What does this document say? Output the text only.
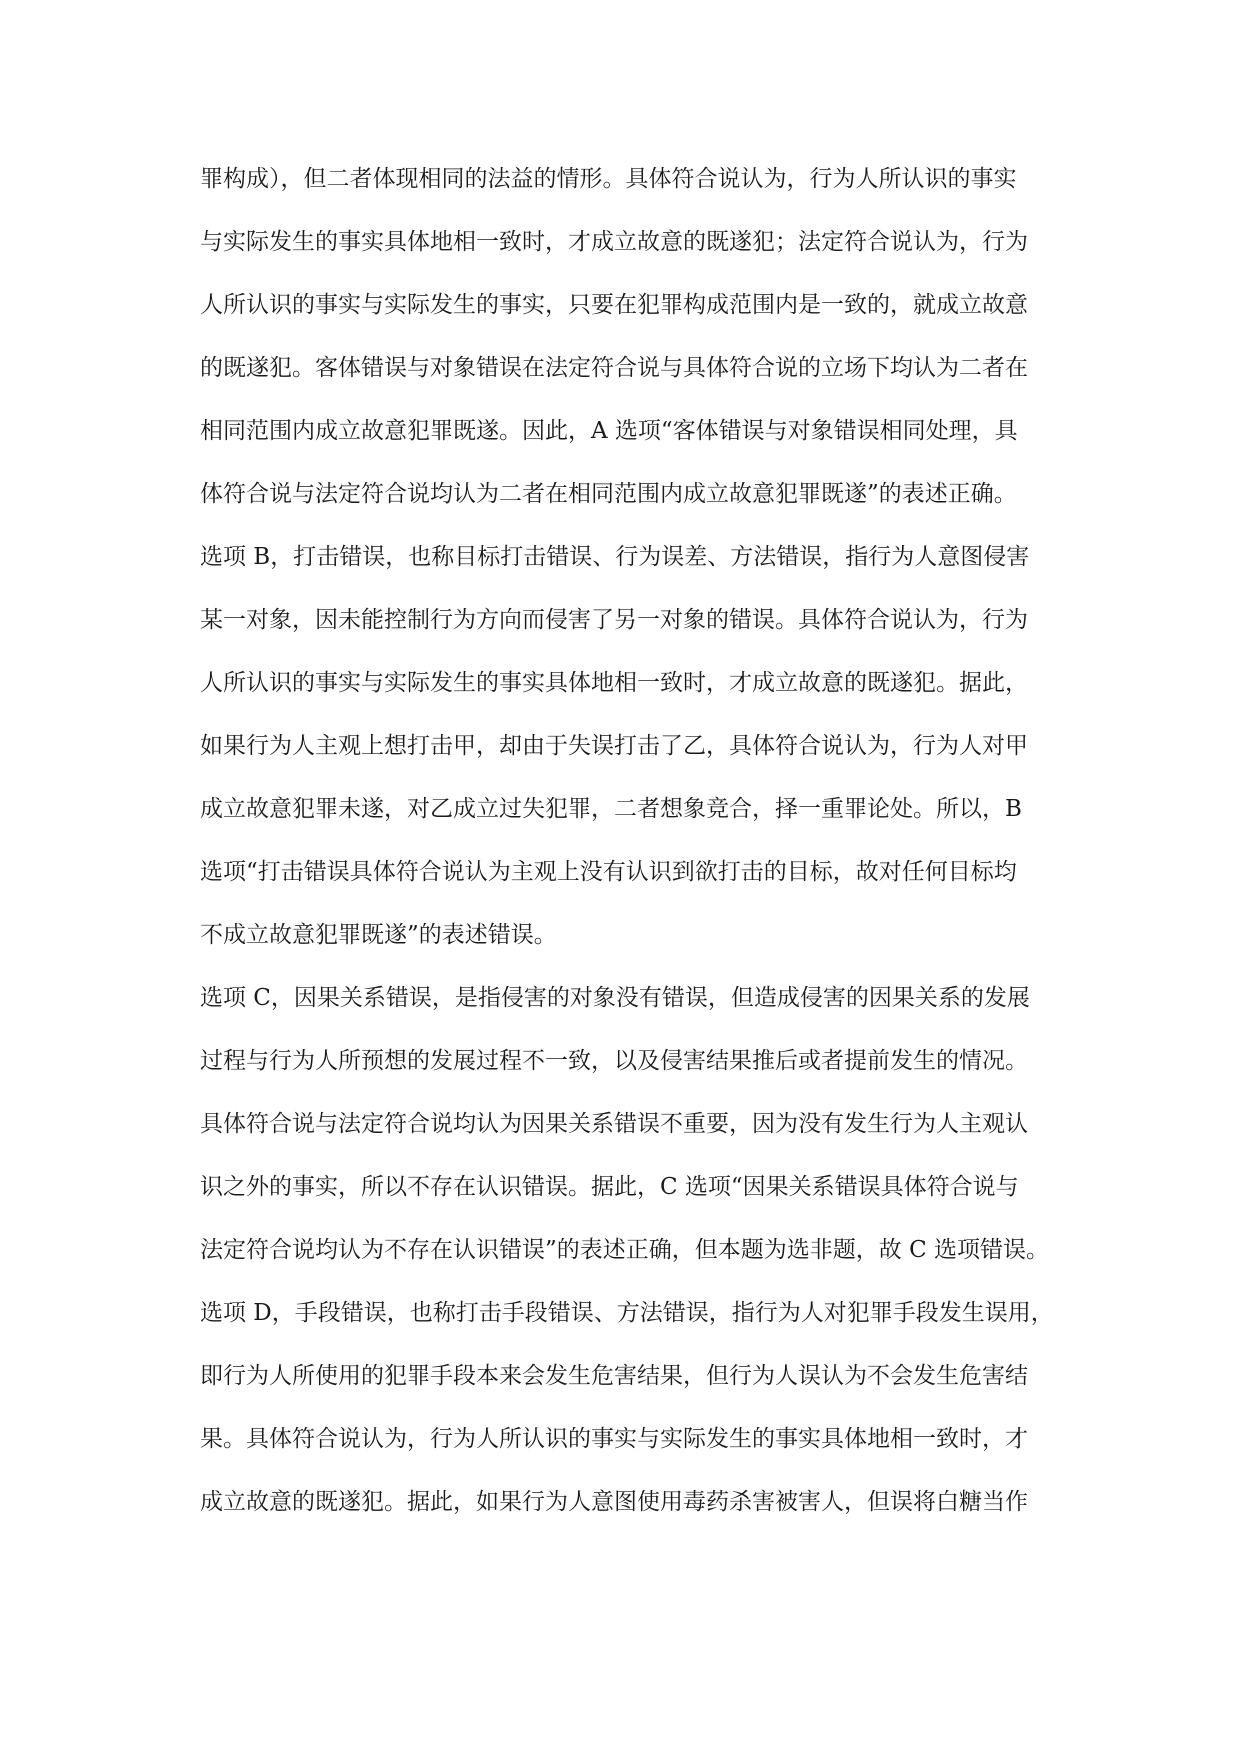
罪构成），但二者体现相同的法益的情形。具体符合说认为，行为人所认识的事实
与实际发生的事实具体地相一致时，才成立故意的既遂犯；法定符合说认为，行为
人所认识的事实与实际发生的事实，只要在犯罪构成范围内是一致的，就成立故意
的既遂犯。客体错误与对象错误在法定符合说与具体符合说的立场下均认为二者在
相同范围内成立故意犯罪既遂。因此，A 选项“客体错误与对象错误相同处理，具
体符合说与法定符合说均认为二者在相同范围内成立故意犯罪既遂”的表述正确。

选项 B，打击错误，也称目标打击错误、行为误差、方法错误，指行为人意图侵害
某一对象，因未能控制行为方向而侵害了另一对象的错误。具体符合说认为，行为
人所认识的事实与实际发生的事实具体地相一致时，才成立故意的既遂犯。据此，
如果行为人主观上想打击甲，却由于失误打击了乙，具体符合说认为，行为人对甲
成立故意犯罪未遂，对乙成立过失犯罪，二者想象竞合，择一重罪论处。所以，B
选项“打击错误具体符合说认为主观上没有认识到欲打击的目标，故对任何目标均
不成立故意犯罪既遂”的表述错误。

选项 C，因果关系错误，是指侵害的对象没有错误，但造成侵害的因果关系的发展
过程与行为人所预想的发展过程不一致，以及侵害结果推后或者提前发生的情况。
具体符合说与法定符合说均认为因果关系错误不重要，因为没有发生行为人主观认
识之外的事实，所以不存在认识错误。据此，C 选项“因果关系错误具体符合说与
法定符合说均认为不存在认识错误”的表述正确，但本题为选非题，故 C 选项错误。

选项 D，手段错误，也称打击手段错误、方法错误，指行为人对犯罪手段发生误用，
即行为人所使用的犯罪手段本来会发生危害结果，但行为人误认为不会发生危害结
果。具体符合说认为，行为人所认识的事实与实际发生的事实具体地相一致时，才
成立故意的既遂犯。据此，如果行为人意图使用毒药杀害被害人，但误将白糖当作
